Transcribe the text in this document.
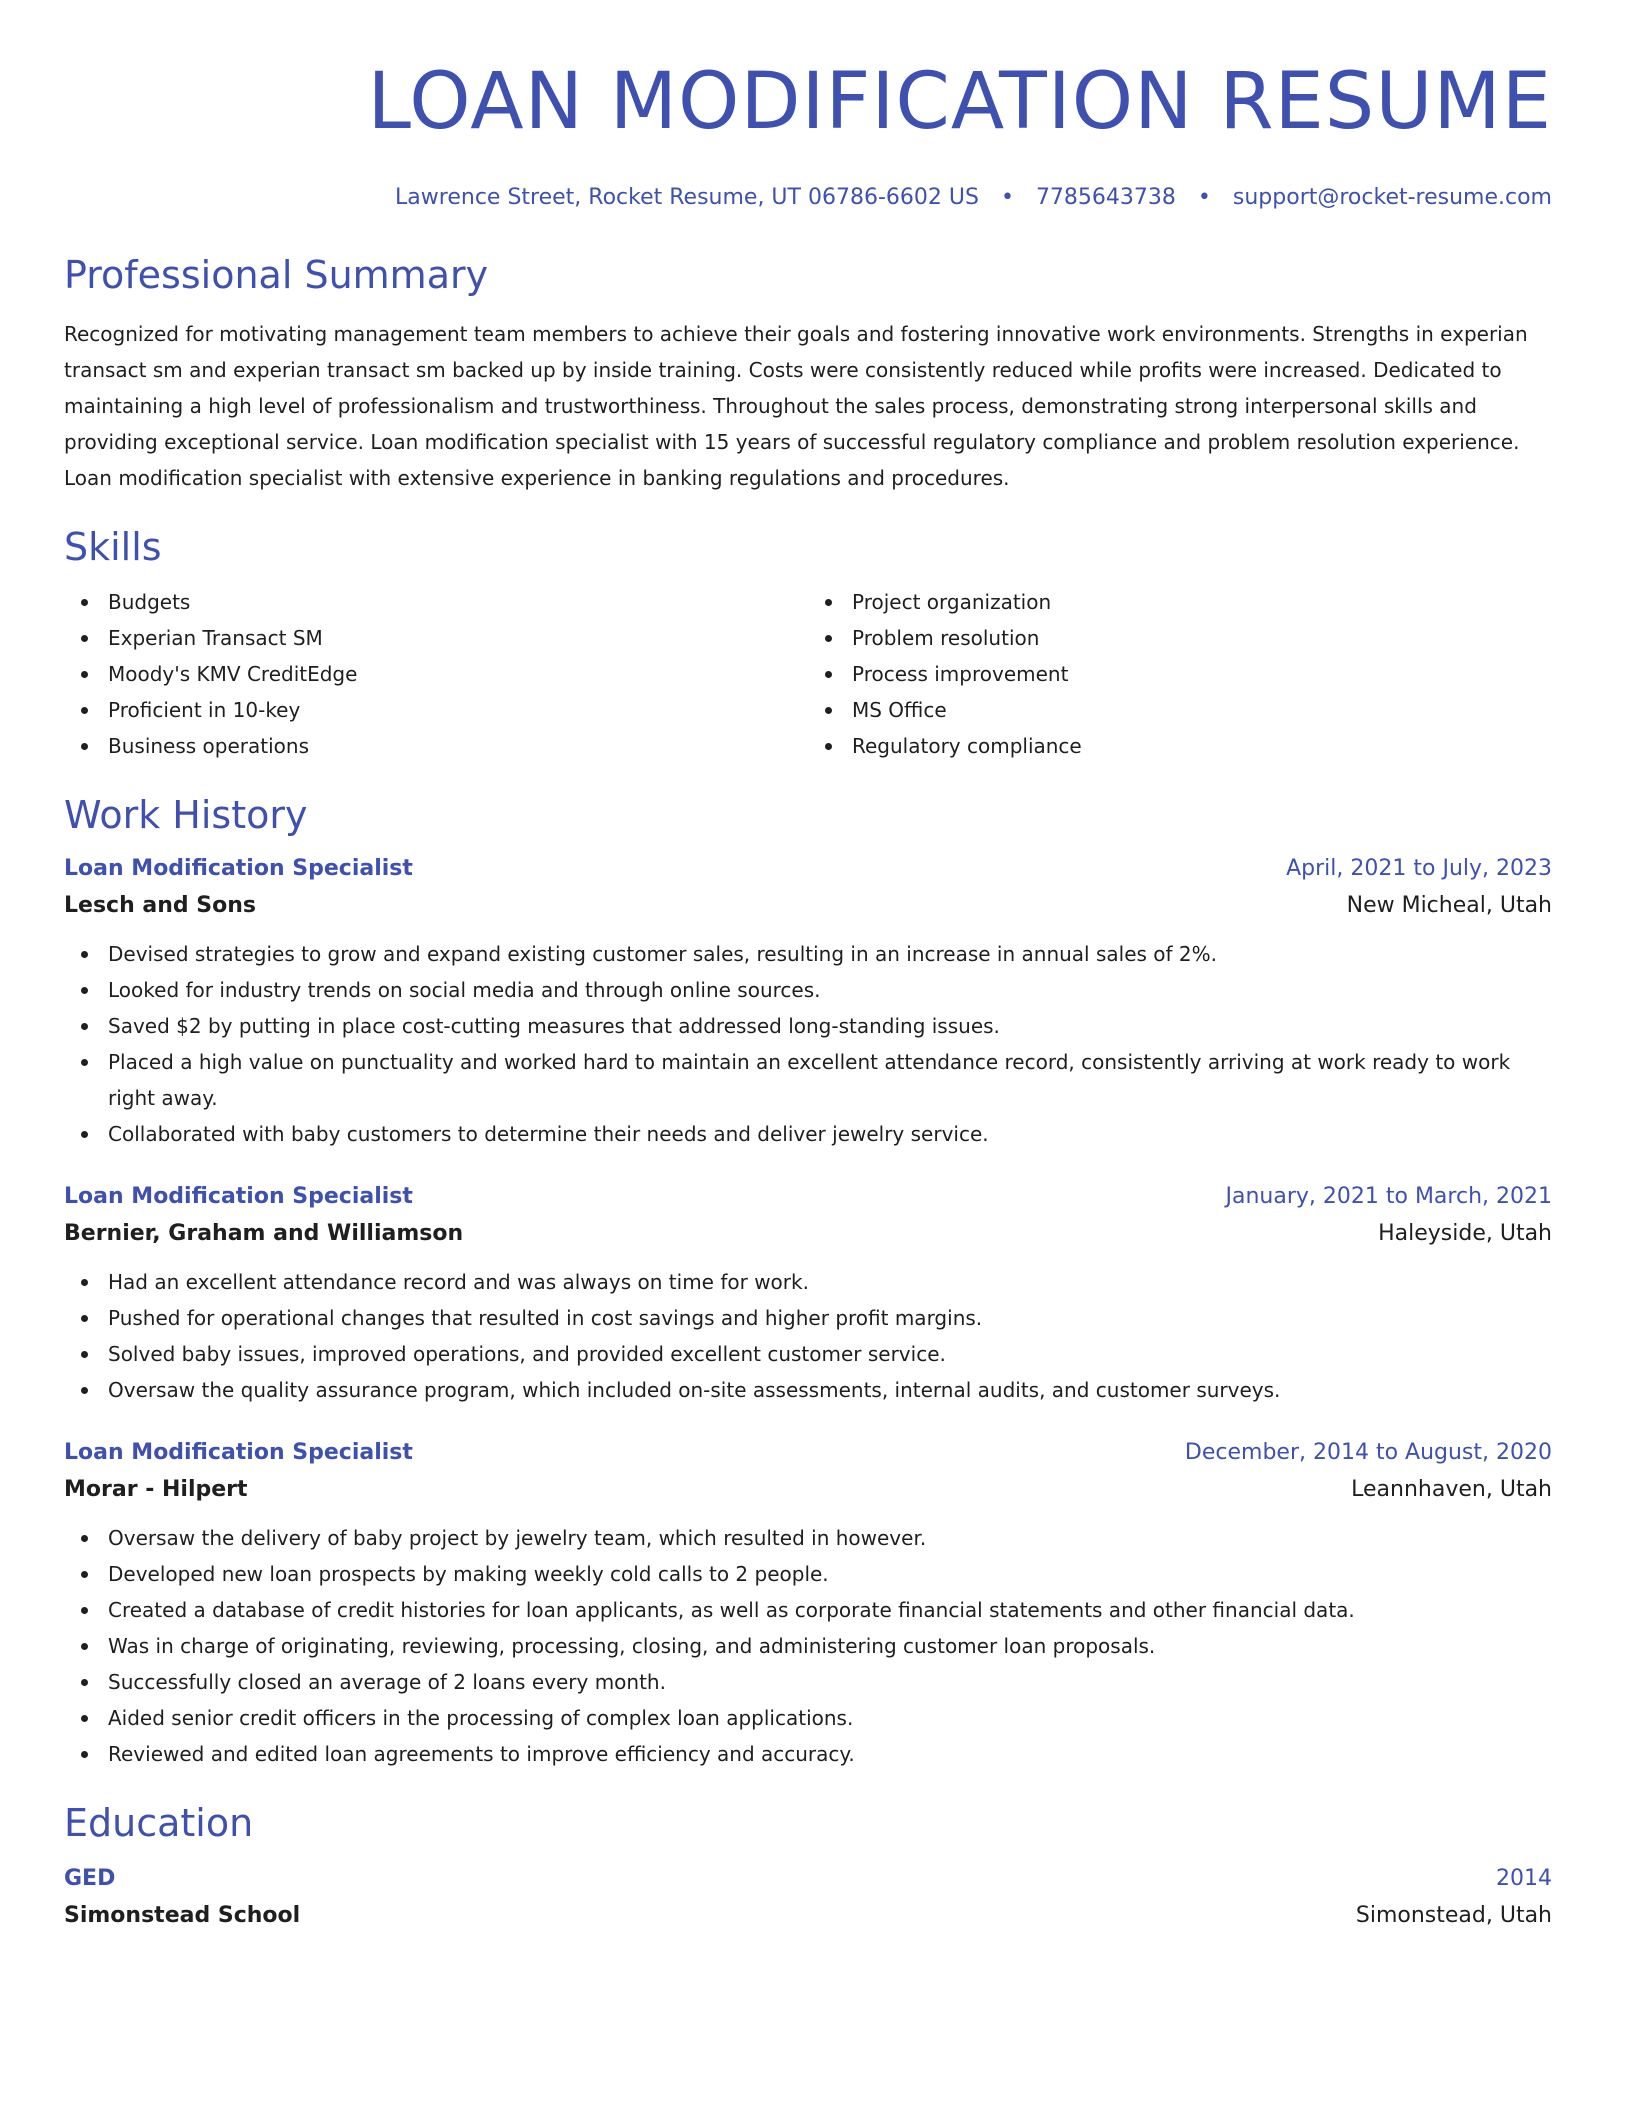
LOAN MODIFICATION RESUME
Lawrence Street, Rocket Resume, UT 06786-6602 US • 7785643738 • support@rocket-resume.com
Professional Summary

Recognized for motivating management team members to achieve their goals and fostering innovative work environments. Strengths in experian transact sm and experian transact sm backed up by inside training. Costs were consistently reduced while profits were increased. Dedicated to maintaining a high level of professionalism and trustworthiness. Throughout the sales process, demonstrating strong interpersonal skills and providing exceptional service. Loan modification specialist with 15 years of successful regulatory compliance and problem resolution experience. Loan modification specialist with extensive experience in banking regulations and procedures.

Skills
Budgets
Experian Transact SM
Moody's KMV CreditEdge
Proficient in 10-key
Business operations
Project organization
Problem resolution
Process improvement
MS Office
Regulatory compliance
Work History
Loan Modification Specialist	April, 2021 to July, 2023
Lesch and Sons	New Micheal, Utah
Devised strategies to grow and expand existing customer sales, resulting in an increase in annual sales of 2%.
Looked for industry trends on social media and through online sources.
Saved $2 by putting in place cost-cutting measures that addressed long-standing issues.
Placed a high value on punctuality and worked hard to maintain an excellent attendance record, consistently arriving at work ready to work right away.
Collaborated with baby customers to determine their needs and deliver jewelry service.
Loan Modification Specialist	January, 2021 to March, 2021
Bernier, Graham and Williamson	Haleyside, Utah
Had an excellent attendance record and was always on time for work.
Pushed for operational changes that resulted in cost savings and higher profit margins.
Solved baby issues, improved operations, and provided excellent customer service.
Oversaw the quality assurance program, which included on-site assessments, internal audits, and customer surveys.
Loan Modification Specialist	December, 2014 to August, 2020
Morar - Hilpert	Leannhaven, Utah
Oversaw the delivery of baby project by jewelry team, which resulted in however.
Developed new loan prospects by making weekly cold calls to 2 people.
Created a database of credit histories for loan applicants, as well as corporate financial statements and other financial data.
Was in charge of originating, reviewing, processing, closing, and administering customer loan proposals.
Successfully closed an average of 2 loans every month.
Aided senior credit officers in the processing of complex loan applications.
Reviewed and edited loan agreements to improve efficiency and accuracy.
Education
GED	2014
Simonstead School	Simonstead, Utah
